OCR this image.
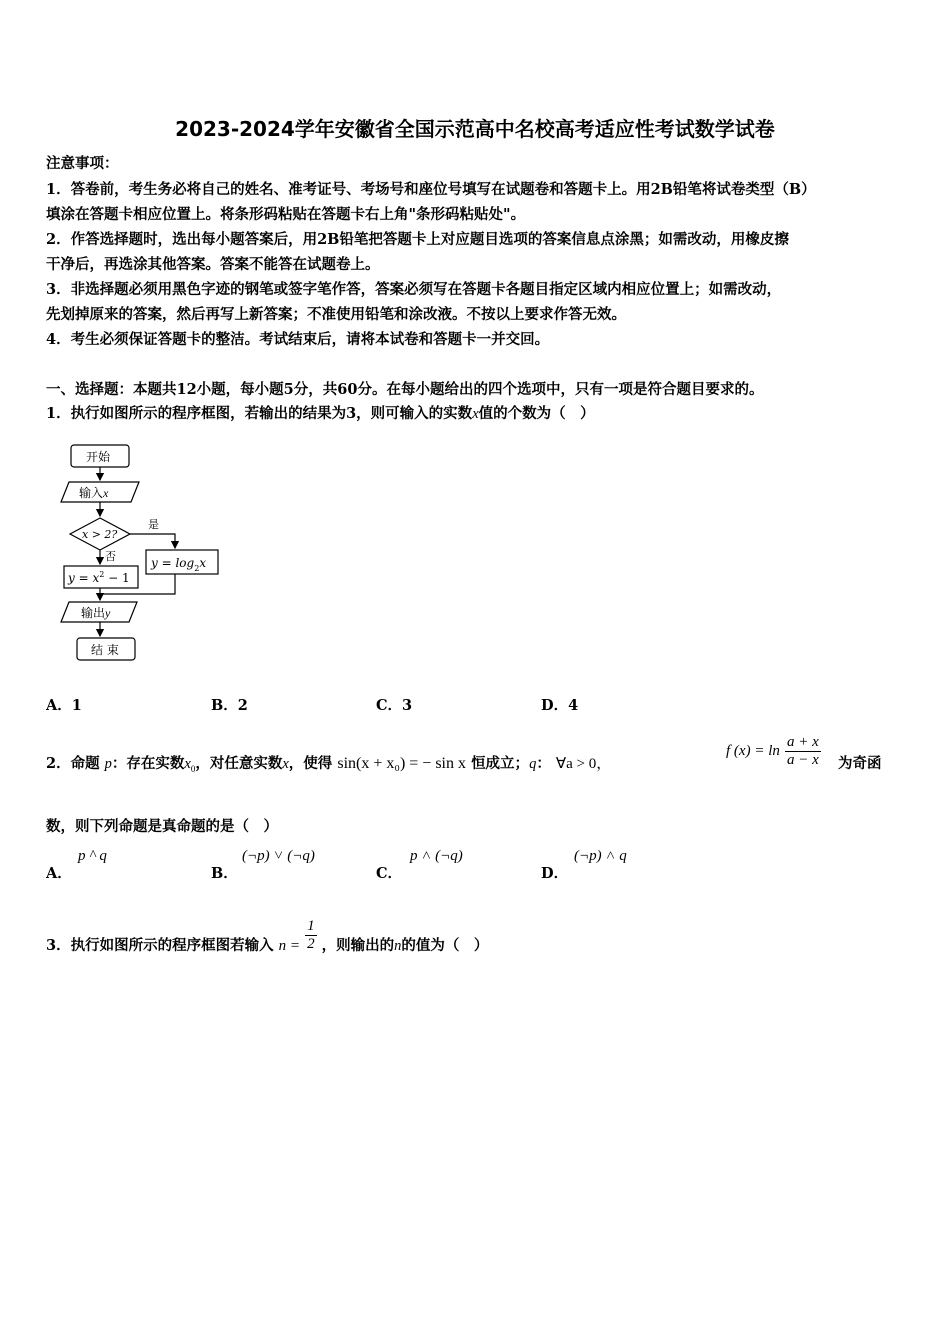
2023-2024学年安徽省全国示范高中名校高考适应性考试数学试卷
注意事项：
1．答卷前，考生务必将自己的姓名、准考证号、考场号和座位号填写在试题卷和答题卡上。用2B铅笔将试卷类型（B）
填涂在答题卡相应位置上。将条形码粘贴在答题卡右上角"条形码粘贴处"。
2．作答选择题时，选出每小题答案后，用2B铅笔把答题卡上对应题目选项的答案信息点涂黑；如需改动，用橡皮擦
干净后，再选涂其他答案。答案不能答在试题卷上。
3．非选择题必须用黑色字迹的钢笔或签字笔作答，答案必须写在答题卡各题目指定区域内相应位置上；如需改动，
先划掉原来的答案，然后再写上新答案；不准使用铅笔和涂改液。不按以上要求作答无效。
4．考生必须保证答题卡的整洁。考试结束后，请将本试卷和答题卡一并交回。
一、选择题：本题共12小题，每小题5分，共60分。在每小题给出的四个选项中，只有一项是符合题目要求的。
1．执行如图所示的程序框图，若输出的结果为3，则可输入的实数x值的个数为（　）
开始
输入x
x > 2?
是
否	$y = \log_2x$
$y = x^2 - 1$
输出y
结 束
A．1	B．2	C．3	D．4
2．命题 p：存在实数$x_0$，对任意实数x，使得 sin(x + x₀) = − sin x 恒成立；q： ∀a > 0，
f $(x) = \ln \frac{a + x}{a - x}$ 为奇函
数，则下列命题是真命题的是（　）
A．
p ^ q
B．
(¬p) ˅ (¬q)
C．
p ˄ (¬q)
D．
(¬p) ˄ q
3．执行如图所示的程序框图若输入 $n = \frac{1}{2}$ ，则输出的n的值为（　）
